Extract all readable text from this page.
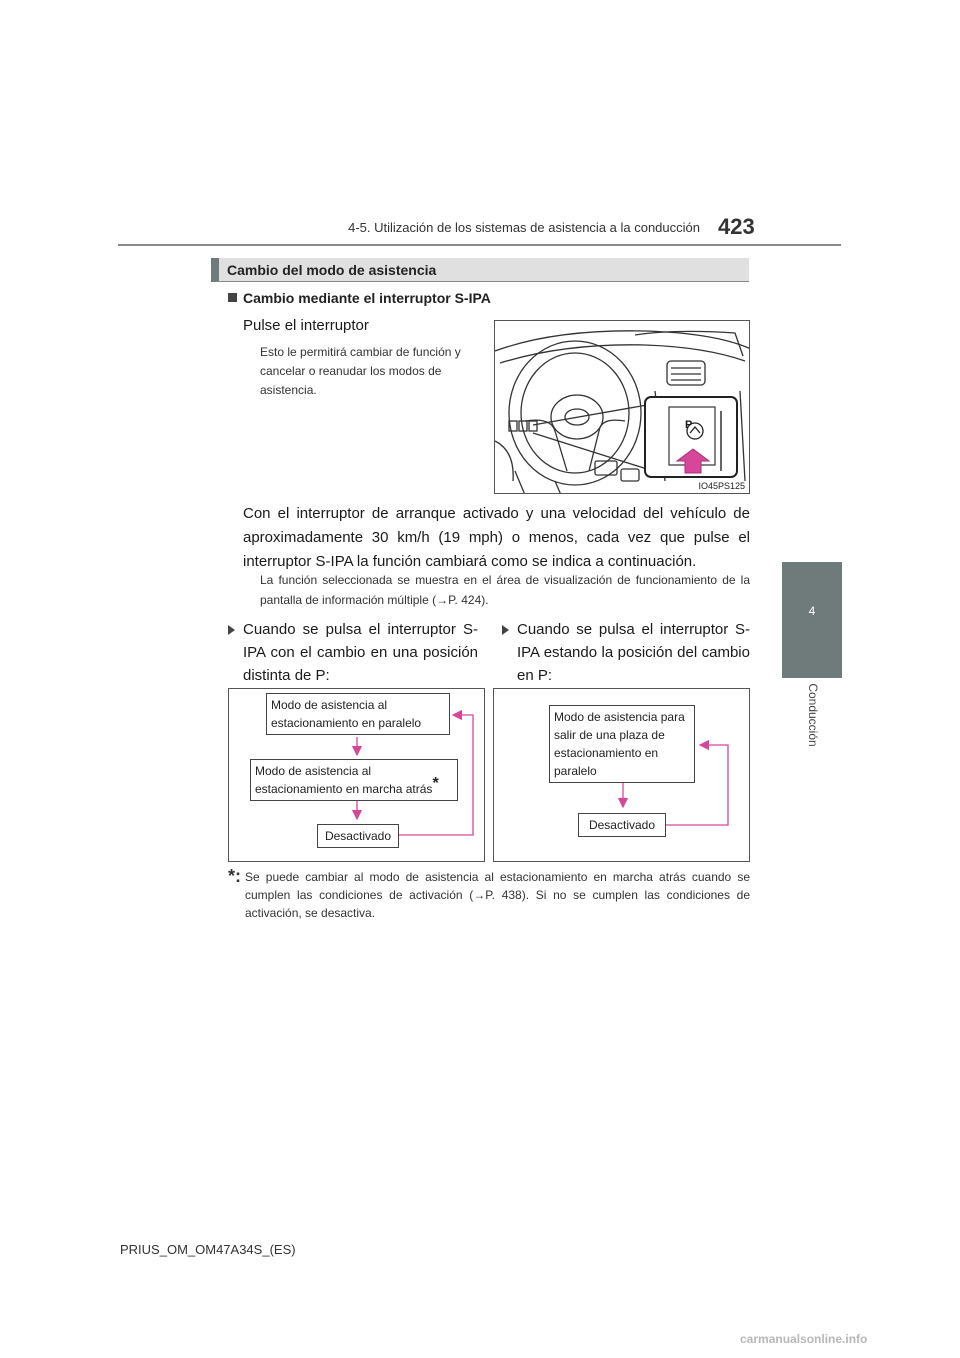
4-5. Utilización de los sistemas de asistencia a la conducción 423
4
Conducción
Cambio del modo de asistencia
Cambio mediante el interruptor S-IPA
Pulse el interruptor
Esto le permitirá cambiar de función y cancelar o reanudar los modos de asistencia.
P
IO45PS125
Con el interruptor de arranque activado y una velocidad del vehículo de aproximadamente 30 km/h (19 mph) o menos, cada vez que pulse el interruptor S-IPA la función cambiará como se indica a continuación.
La función seleccionada se muestra en el área de visualización de funcionamiento de la pantalla de información múltiple (→P. 424).
Cuando se pulsa el interruptor S-IPA con el cambio en una posición distinta de P:
Cuando se pulsa el interruptor S-IPA estando la posición del cambio en P:
Modo de asistencia al estacionamiento en paralelo
Modo de asistencia al estacionamiento en marcha atrás*
Desactivado
Modo de asistencia para salir de una plaza de estacionamiento en paralelo
Desactivado
*: Se puede cambiar al modo de asistencia al estacionamiento en marcha atrás cuando se cumplen las condiciones de activación (→P. 438). Si no se cumplen las condiciones de activación, se desactiva.
PRIUS_OM_OM47A34S_(ES)
carmanualsonline.info
